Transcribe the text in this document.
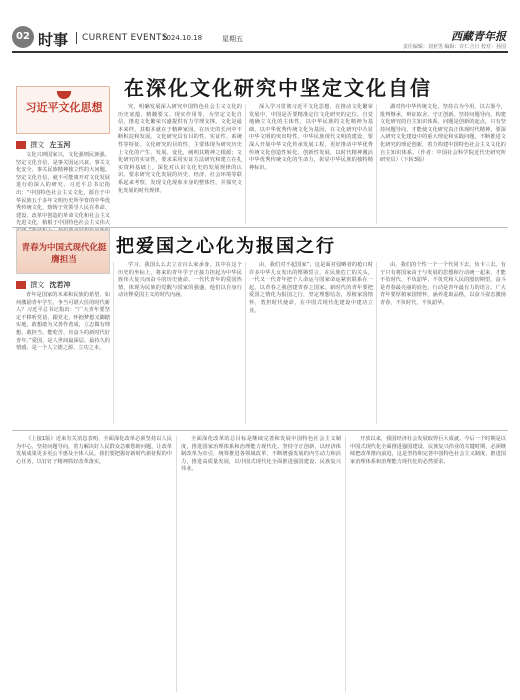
02 时事 CURRENT EVENTS
2024.10.18	星期五	西藏青年报
责任编辑：刘亚男 编辑：许仁合日 校对：孙国
在深化文化研究中坚定文化自信
习近平文化思想
撰文 左玉河

文化兴则国家兴，文化强则民族强。坚定文化自信，是事关国运兴衰、事关文化安全、事关民族精神独立性的大问题。坚定文化自信，就不可能离开对文化发展进行的深入的研究，习近平总书记指出：“中国特色社会主义文化，源自于中华民族五千多年文明历史所孕育的中华优秀传统文化，熔铸于党领导人民在革命、建设、改革中创造的革命文化和社会主义先进文化，植根于中国特色社会主义伟大

究，明确发展深入研究中国特色社会主义文化的历史底蕴、精髓要义、现实作用等，为坚定文化自信、推进文化繁荣兴盛提供有力学理支撑。文化是最本来样，其根本就在于精神家园，在历史的长河中不断积淀和发展。文化研究具有目的性、实证性、系统性等特征。文化研究的目的性，主要体现为研究历史上文化的产生、发展、变化，阐明其精神之根源；文化研究的实证性，要求采用实证方法研究和建立在扎实资料基础上，深化对认识文化史的发展规律的认识。要求研究文化发展的历史、经济、社会环境等联系起来考察，发现文化现象本身的整体性，并探究文化发展的时代规律。

深入学习贯彻习近平文化思想，在推动文化繁荣发展中，中国是否要精准定位文化研究的定位，自觉地确立文化的主体性，以中华民族的文化精神为基础，以中华优秀传统文化为基因，在文化研究中凸显中华文明的突出特性，中华民族现代文明的建设，要深入开展中华文化传承发展工程，更好推动中华优秀传统文化创造性转化、创新性发展，以时代精神激活中华优秀传统文化的生命力，彰显中华民族的独特精神标识。

湖对待中华传统文化，坚持古为今用、以古鉴今，批判继承，辩证取舍，守正创新。坚持问题导向，构建文化研究的自主知识体系，问题是创新的起点，只有坚持问题导向，才能使文化研究真正体现时代精神。要深入研究文化建设中的重大理论和实践问题，不断推进文化研究的理论创新，着力构建中国特色社会主义文化的自主知识体系。（作者：中国社会科学院近代史研究所研究员）（下转3版）

青春为中国式现代化挺膺担当
把爱国之心化为报国之行
撰文 沈若冲

青年是国家的未来和民族的希望。如何激励青年学生，争当可堪大任的时代新人？习近平总书记指出：“广大青年要坚定不移听党话、跟党走，怀抱梦想又脚踏实地，敢想敢为又善作善成，立志做有理想、敢担当、能吃苦、肯奋斗的新时代好青年。”爱国，是人世间最深层、最持久的情感，是一个人立德之源、立功之本。

学习、我国么么去立音百么家承身，其中在这个历史的坐标上，将来的青年学子正接力担起为中华民族伟大复兴而奋斗的历史使命。一代代青年的爱国热情，体现为民族的觉醒与国家的强盛，他们以自身行动诠释爱国主义的时代内涵。

由，我们对不起国家”，这是面对侵略者的枪口时许多中华儿女发出的铿锵誓言。在民族危亡的关头，一代又一代青年把个人命运与国家命运紧密联系在一起，以青春之我创建青春之国家。新时代的青年要把爱国之情化为报国之行，坚定理想信念，厚植家国情怀，勇担时代使命，在中国式现代化建设中建功立业。

由，我们的个性一个一个代同下去，负卡三去。有于只有将国家由于与发展的思想和行动统一起来，才能不负时代、不负韶华、不负党和人民的殷切期望。奋斗是青春最亮丽的底色，行动是青年最有力的语言。广大青年要厚植家国情怀，涵养进取品格，以奋斗姿态激扬青春，不负时代，不负韶华。

《上接1版》近来有关消息表明，全面深化改革必须坚持以人民为中心，坚持问题导向，着力解决好人民群众急难愁盼问题，让改革发展成果更多更公平惠及全体人民。我们要把握好新时代新征程的中心任务，以钉钉子精神抓好改革落实。

全面深化改革的总目标是继续完善和发展中国特色社会主义制度，推进国家治理体系和治理能力现代化。坚持守正创新，以经济体制改革为牵引，统筹推进各领域改革，不断增强发展的内生动力和活力，推进高质量发展，以中国式现代化全面推进强国建设、民族复兴伟业。

开放以来，我国经济社会发展取得巨大成就。今后一个时期是以中国式现代化全面推进强国建设、民族复兴伟业的关键时期，必须继续把改革推向前进，这是坚持和完善中国特色社会主义制度、推进国家治理体系和治理能力现代化的必然要求。
